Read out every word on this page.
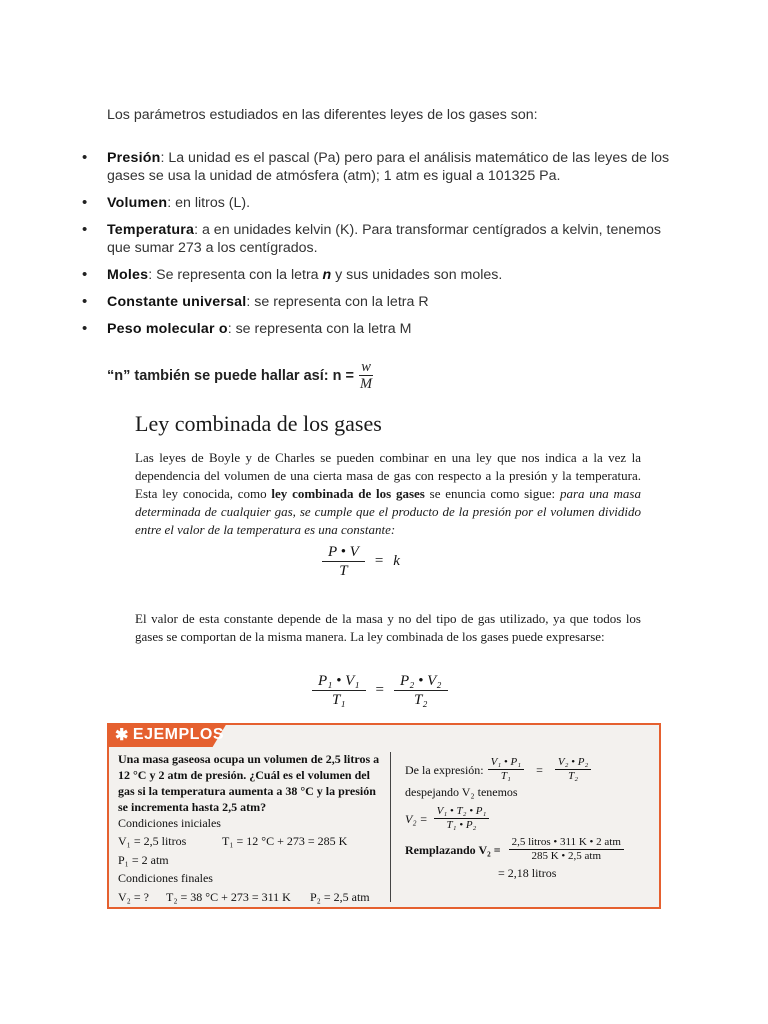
Los parámetros estudiados en las diferentes leyes de los gases son:
• Presión: La unidad es el pascal (Pa) pero para el análisis matemático de las leyes de los gases se usa la unidad de atmósfera (atm); 1 atm es igual a 101325 Pa.
• Volumen: en litros (L).
• Temperatura: a en unidades kelvin (K). Para transformar centígrados a kelvin, tenemos que sumar 273 a los centígrados.
• Moles: Se representa con la letra n y sus unidades son moles.
• Constante universal: se representa con la letra R
• Peso molecular o: se representa con la letra M
“n” también se puede hallar así: $n = \frac{w}{M}$
Ley combinada de los gases
Las leyes de Boyle y de Charles se pueden combinar en una ley que nos indica a la vez la dependencia del volumen de una cierta masa de gas con respecto a la presión y la temperatura. Esta ley conocida, como ley combinada de los gases se enuncia como sigue: para una masa determinada de cualquier gas, se cumple que el producto de la presión por el volumen dividido entre el valor de la temperatura es una constante:
$\frac{P • V}{T} = k$
El valor de esta constante depende de la masa y no del tipo de gas utilizado, ya que todos los gases se comportan de la misma manera. La ley combinada de los gases puede expresarse:
$\frac{\text{P₁ • V₁}}{\text{T₁}} = \frac{\text{P₂ • V₂}}{\text{T₂}}$
✱ EJEMPLOS
Una masa gaseosa ocupa un volumen de 2,5 litros a 12 °C y 2 atm de presión. ¿Cuál es el volumen del gas si la temperatura aumenta a 38 °C y la presión se incrementa hasta 2,5 atm?
Condiciones iniciales
V₁ = 2,5 litros	T₁ = 12 °C + 273 = 285 K
P₁ = 2 atm
Condiciones finales
V₂ = ? T₂ = 38 °C + 273 = 311 K P₂ = 2,5 atm
De la expresión: $\frac{\text{V₁ • P₁}}{\text{T₁}}$	=	$\frac{\text{V₂ • P₂}}{\text{T₂}}$
despejando V₂ tenemos
$V_2 = \frac{\text{V₁ • T₂ • P₁}}{\text{T₁ • P₂}}$
Remplazando $V_2 = \frac{\text{2,5 litros • 311 K • 2 atm}}{\text{285 K • 2,5 atm}}$
= 2,18 litros
